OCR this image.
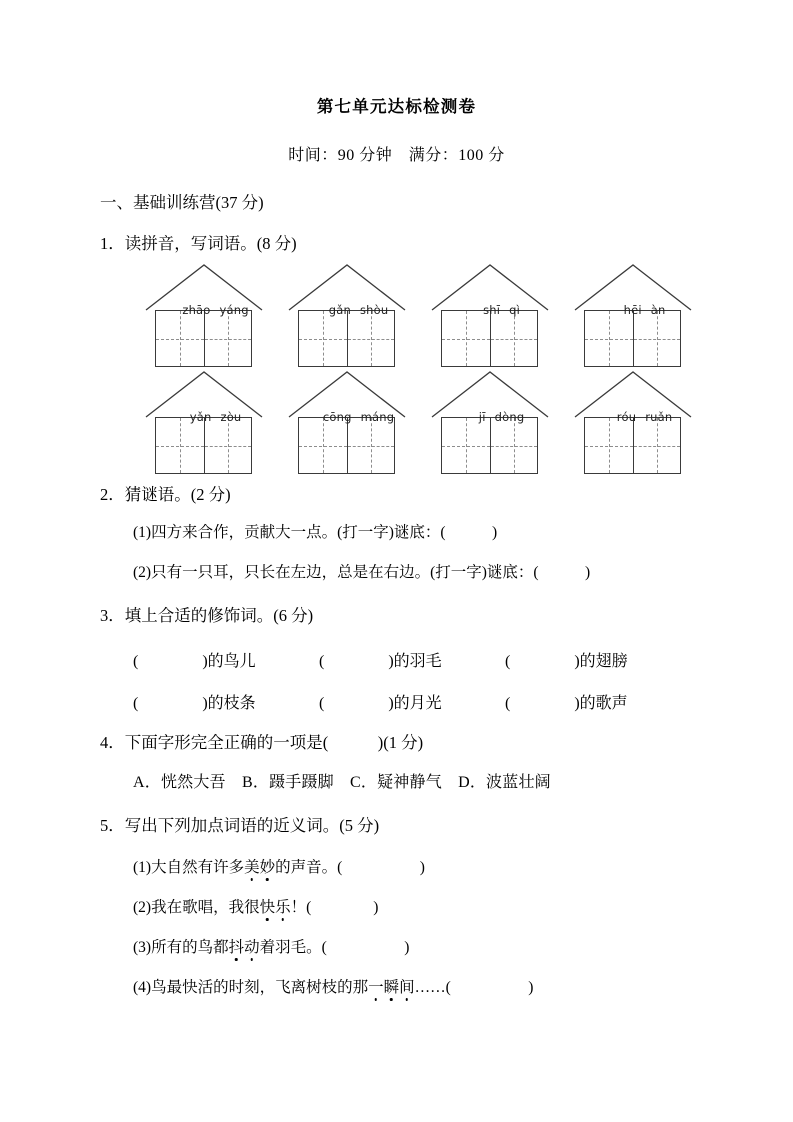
第七单元达标检测卷
时间：90 分钟　满分：100 分
一、基础训练营(37 分)
1．读拼音，写词语。(8 分)

zhāo yáng
	gǎn shòu
	shī qì
	hēi àn

yǎn zòu
	cōng máng
	jī dòng
	róu ruǎn

2．猜谜语。(2 分)
(1)四方来合作，贡献大一点。(打一字)谜底：(　　　)
(2)只有一只耳，只长在左边，总是在右边。(打一字)谜底：(　　　)
3．填上合适的修饰词。(6 分)
(　　　　)的鸟儿	(　　　　)的羽毛	(　　　　)的翅膀
(　　　　)的枝条	(　　　　)的月光	(　　　　)的歌声
4．下面字形完全正确的一项是(　　　)(1 分)
A．恍然大吾　B．蹑手蹑脚　C．疑神静气　D．波蓝壮阔
5．写出下列加点词语的近义词。(5 分)
(1)大自然有许多美妙的声音。(　　　　　)
(2)我在歌唱，我很快乐！(　　　　)
(3)所有的鸟都抖动着羽毛。(　　　　　)
(4)鸟最快活的时刻，飞离树枝的那一瞬间……(　　　　　)
